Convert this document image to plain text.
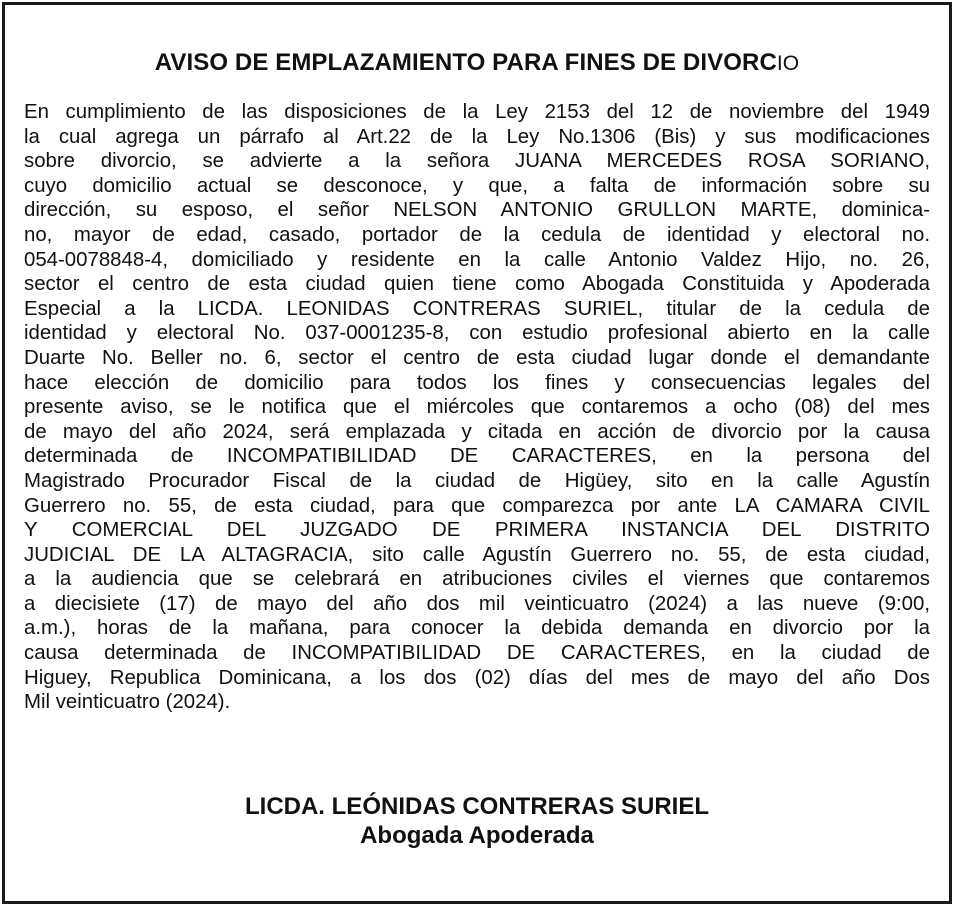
AVISO DE EMPLAZAMIENTO PARA FINES DE DIVORCIO
En cumplimiento de las disposiciones de la Ley 2153 del 12 de noviembre del 1949
la cual agrega un párrafo al Art.22 de la Ley No.1306 (Bis) y sus modificaciones
sobre divorcio, se advierte a la señora JUANA MERCEDES ROSA SORIANO,
cuyo domicilio actual se desconoce, y que, a falta de información sobre su
dirección, su esposo, el señor NELSON ANTONIO GRULLON MARTE, dominica-
no, mayor de edad, casado, portador de la cedula de identidad y electoral no.
054-0078848-4, domiciliado y residente en la calle Antonio Valdez Hijo, no. 26,
sector el centro de esta ciudad quien tiene como Abogada Constituida y Apoderada
Especial a la LICDA. LEONIDAS CONTRERAS SURIEL, titular de la cedula de
identidad y electoral No. 037-0001235-8, con estudio profesional abierto en la calle
Duarte No. Beller no. 6, sector el centro de esta ciudad lugar donde el demandante
hace elección de domicilio para todos los fines y consecuencias legales del
presente aviso, se le notifica que el miércoles que contaremos a ocho (08) del mes
de mayo del año 2024, será emplazada y citada en acción de divorcio por la causa
determinada de INCOMPATIBILIDAD DE CARACTERES, en la persona del
Magistrado Procurador Fiscal de la ciudad de Higüey, sito en la calle Agustín
Guerrero no. 55, de esta ciudad, para que comparezca por ante LA CAMARA CIVIL
Y COMERCIAL DEL JUZGADO DE PRIMERA INSTANCIA DEL DISTRITO
JUDICIAL DE LA ALTAGRACIA, sito calle Agustín Guerrero no. 55, de esta ciudad,
a la audiencia que se celebrará en atribuciones civiles el viernes que contaremos
a diecisiete (17) de mayo del año dos mil veinticuatro (2024) a las nueve (9:00,
a.m.), horas de la mañana, para conocer la debida demanda en divorcio por la
causa determinada de INCOMPATIBILIDAD DE CARACTERES, en la ciudad de
Higuey, Republica Dominicana, a los dos (02) días del mes de mayo del año Dos
Mil veinticuatro (2024).
LICDA. LEÓNIDAS CONTRERAS SURIEL
Abogada Apoderada
